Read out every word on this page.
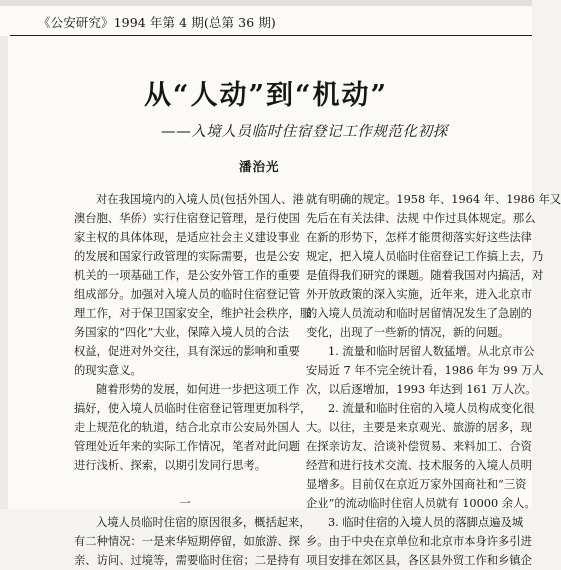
《公安研究》1994 年第 4 期(总第 36 期)
从“人动”到“机动”
——入境人员临时住宿登记工作规范化初探
潘治光
对在我国境内的入境人员(包括外国人、港
澳台胞、华侨）实行住宿登记管理，是行使国
家主权的具体体现，是适应社会主义建设事业
的发展和国家行政管理的实际需要，也是公安
机关的一项基础工作，是公安外管工作的重要
组成部分。加强对入境人员的临时住宿登记管
理工作，对于保卫国家安全，维护社会秩序，服
务国家的“四化”大业，保障入境人员的合法
权益，促进对外交往，具有深远的影响和重要
的现实意义。
随着形势的发展，如何进一步把这项工作
搞好，使入境人员临时住宿登记管理更加科学，
走上规范化的轨道，结合北京市公安局外国人
管理处近年来的实际工作情况，笔者对此问题
进行浅析、探索，以期引发同行思考。
一
入境人员临时住宿的原因很多，概括起来，
有二种情况：一是来华短期停留，如旅游、探
亲、访问、过境等，需要临时住宿；二是持有
就有明确的规定。1958 年、1964 年、1986 年又
先后在有关法律、法规 中作过具体规定。那么
在新的形势下，怎样才能贯彻落实好这些法律
规定，把入境人员临时住宿登记工作搞上去，乃
是值得我们研究的课题。随着我国对内搞活，对
外开放政策的深入实施，近年来，进入北京市
的入境人员流动和临时居留情况发生了急剧的
变化，出现了一些新的情况，新的问题。
1. 流量和临时居留人数猛增。从北京市公
安局近 7 年不完全统计看，1986 年为 99 万人
次，以后逐增加，1993 年达到 161 万人次。
2. 流量和临时住宿的入境人员构成变化很
大。以往，主要是来京观光、旅游的居多，现
在探亲访友、洽谈补偿贸易、来料加工、合资
经营和进行技术交流、技术服务的入境人员明
显增多。目前仅在京近万家外国商社和“三资
企业”的流动临时住宿人员就有 10000 余人。
3. 临时住宿的入境人员的落脚点遍及城
乡。由于中央在京单位和北京市本身许多引进
项目安排在郊区县，各区县外贸工作和乡镇企
